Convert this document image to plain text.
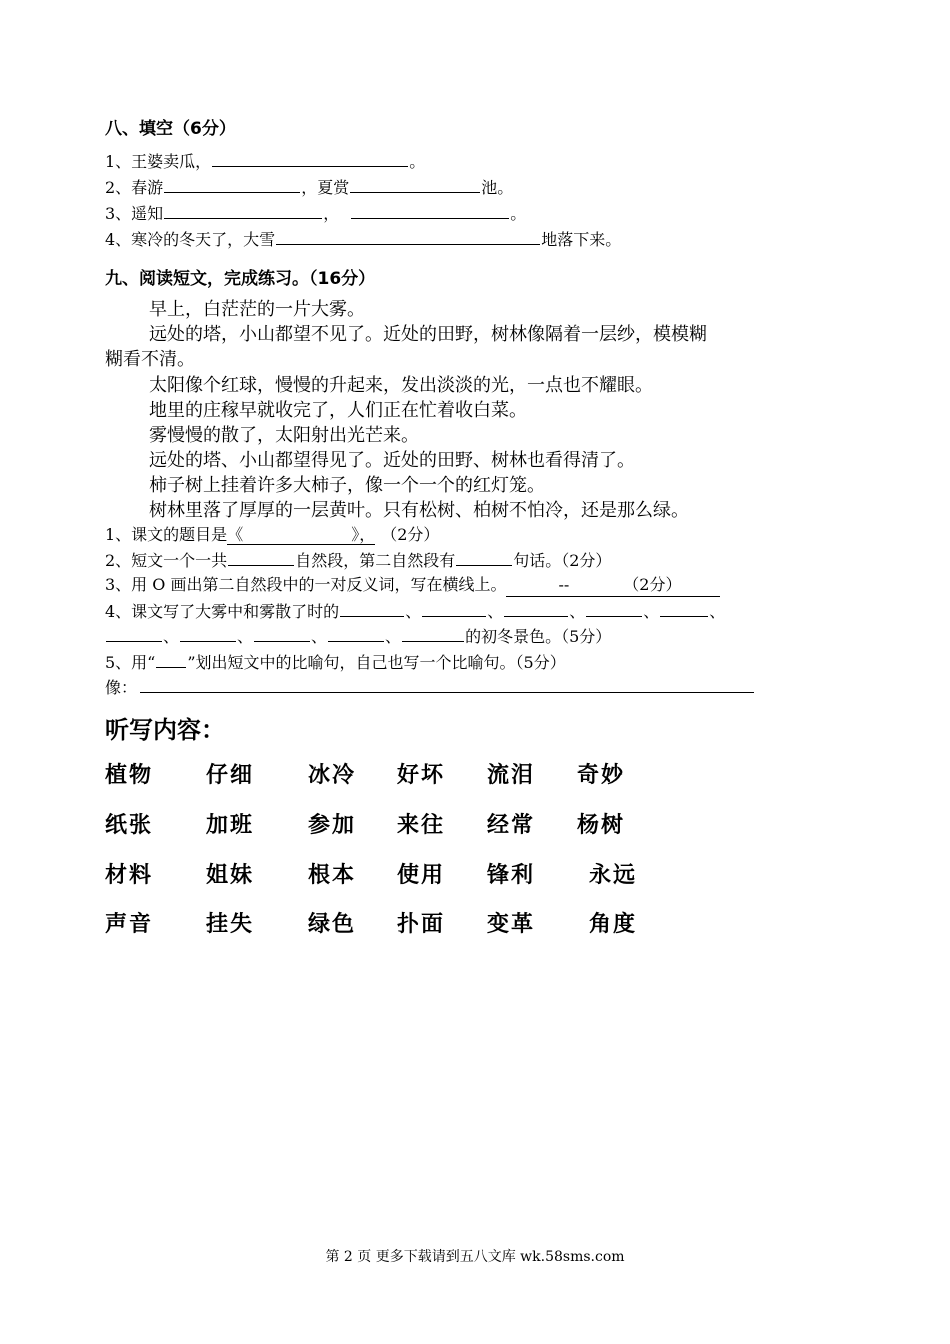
八、填空（6分）
1、王婆卖瓜，	。
2、春游	，夏赏	池。
3、遥知	，	。
4、寒冷的冬天了，大雪	地落下来。
九、阅读短文，完成练习。（16分）
早上，白茫茫的一片大雾。
远处的塔，小山都望不见了。近处的田野，树林像隔着一层纱，模模糊
糊看不清。
太阳像个红球，慢慢的升起来，发出淡淡的光，一点也不耀眼。
地里的庄稼早就收完了，人们正在忙着收白菜。
雾慢慢的散了，太阳射出光芒来。
远处的塔、小山都望得见了。近处的田野、树林也看得清了。
柿子树上挂着许多大柿子，像一个一个的红灯笼。
树林里落了厚厚的一层黄叶。只有松树、柏树不怕冷，还是那么绿。
1、课文的题目是《	》， （2分）
2、短文一个一共	自然段，第二自然段有	句话。（2分）
3、用 O 画出第二自然段中的一对反义词，写在横线上。	--	（2分）
4、课文写了大雾中和雾散了时的	、	、	、	、	、
、	、	、	、	的初冬景色。（5分）
5、用“ ”划出短文中的比喻句，自己也写一个比喻句。（5分）
像：
听写内容：
植物 仔细 冰冷 好坏 流泪 奇妙
纸张 加班 参加 来往 经常 杨树
材料 姐妹 根本 使用 锋利 永远
声音 挂失 绿色 扑面 变革 角度
第 2 页 更多下载请到五八文库 wk.58sms.com
